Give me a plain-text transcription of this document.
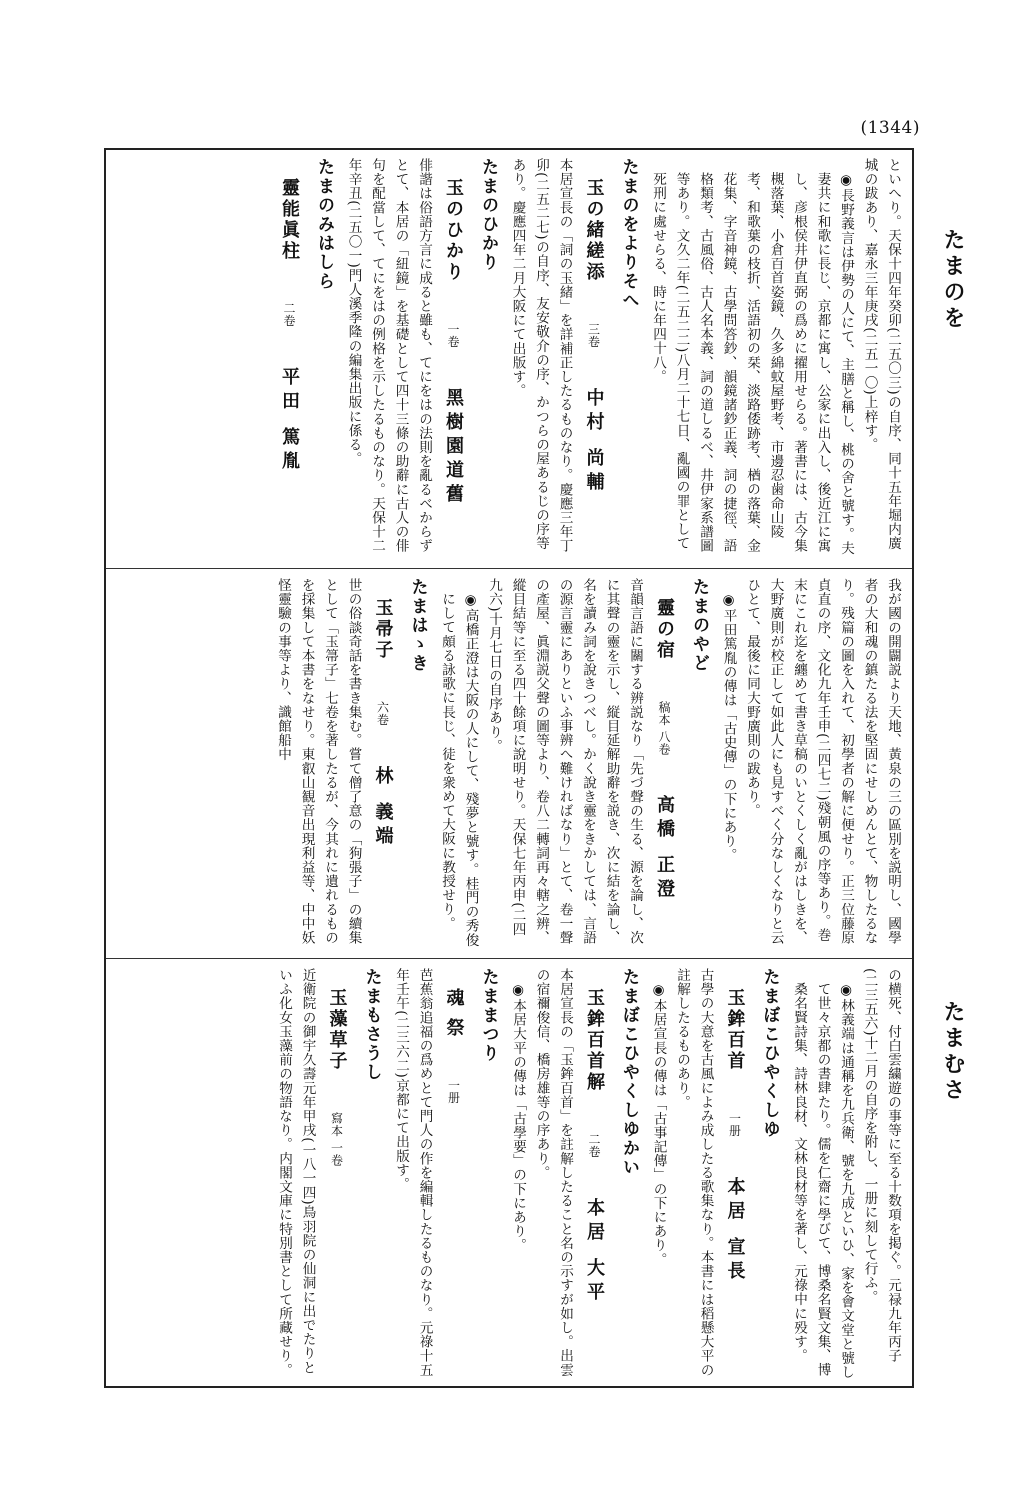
(1344)
たまのを
たまむさ
といへり。天保十四年癸卯(二五〇三)の自序、同十五年堀内廣城の跋あり、嘉永三年庚戌(二五一〇)上梓す。
◉長野義言は伊勢の人にて、主膳と稱し、桃の舍と號す。夫妻共に和歌に長じ、京都に寓し、公家に出入し、後近江に寓し、彦根侯井伊直弼の爲めに擢用せらる。著書には、古今集槻落葉、小倉百首姿鏡、久多綿蚊屋野考、市邊忍歯命山陵考、和歌葉の枝折、活語初の栞、淡路倭跡考、楢の落葉、金花集、字音神鏡、古學問答鈔、韻鏡諸鈔正義、詞の捷徑、語格類考、古風俗、古人名本義、詞の道しるべ、井伊家系譜圖等あり。文久二年(二五二二)八月二十七日、亂國の罪として死刑に處せらる、時に年四十八。
たまのをよりそへ
玉の緒縒添三卷中村 尚輔
本居宣長の「詞の玉緒」を詳補正したるものなり。慶應三年丁卯(二五二七)の自序、友安敬介の序、かつらの屋あるじの序等あり。慶應四年二月大阪にて出版す。
たまのひかり
玉のひかり一卷黑樹園道舊
俳諧は俗語方言に成ると雖も、てにをはの法則を亂るべからずとて、本居の「紐鏡」を基礎として四十三條の助辭に古人の俳句を配當して、てにをはの例格を示したるものなり。天保十二年辛丑(二五〇一)門人溪季隆の編集出版に係る。
たまのみはしら
靈能眞柱二卷平田 篤胤
我が國の開闢説より天地、黃泉の三の區別を説明し、國學者の大和魂の鎮たる法を堅固にせしめんとて、物したるなり。残篇の圖を入れて、初學者の解に便せり。正三位藤原貞直の序、文化九年壬申(二四七二)殘朝風の序等あり。巻末にこれ迄を纏めて書き草稿のいとくしく亂がはしきを、大野廣則が校正して如此人にも見すべく分なしくなりと云ひとて、最後に同大野廣則の跋あり。
◉平田篤胤の傳は「古史傳」の下にあり。
たまのやど
靈の宿稿本 八卷高橋 正澄
音韻言語に關する辨説なり「先づ聲の生る、源を論し、次に其聲の靈を示し、縦目延解助辭を説き、次に結を論し、名を讀み詞を說きつべし。かく說き靈をきかしては、言語の源言靈にありといふ事辨へ難ければなり」とて、卷一聲の產屋、眞淵説父聲の圖等より、卷八二轉詞再々轄之辨、縱目結等に至る四十餘項に說明せり。天保七年丙申(二四九六)十月七日の自序あり。
◉高橋正澄は大阪の人にして、殘夢と號す。桂門の秀俊にして頗る詠歌に長じ、徒を衆めて大阪に教授せり。
たまはゝき
玉帚子六卷林 義端
世の俗談奇話を書き集む。嘗て僧了意の「狗張子」の續集として「玉箒子」七卷を著したるが、今其れに遺れるものを採集して本書をなせり。東叡山観音出現利益等、中中妖怪靈驗の事等より、識館船中
の横死、付白雲繍遊の事等に至る十数項を掲ぐ。元禄九年丙子(二三五六)十二月の自序を附し、一册に刻して行ふ。
◉林義端は通稱を九兵衛、號を九成といひ、家を會文堂と號して世々京都の書肆たり。儒を仁齋に學びて、博桑名賢文集、博桑名賢詩集、詩林良材、文林良材等を著し、元祿中に殁す。
たまぼこひやくしゆ
玉鉾百首一册本居 宣長
古學の大意を古風によみ成したる歌集なり。本書には稻懸大平の註解したるものあり。
◉本居宣長の傳は「古事記傳」の下にあり。
たまぼこひやくしゆかい
玉鉾百首解二卷本居 大平
本居宣長の「玉鉾百首」を註解したること名の示すが如し。出雲の宿禰俊信、橋房雄等の序あり。
◉本居大平の傳は「古學要」の下にあり。
たままつり
魂 祭一册
芭蕉翁追福の爲めとて門人の作を編輯したるものなり。元祿十五年壬午(二三六二)京都にて出版す。
たまもさうし
玉藻草子寫本 一卷
近衛院の御宇久壽元年甲戌(一八一四)鳥羽院の仙洞に出でたりといふ化女玉藻前の物語なり。内閣文庫に特別書として所藏せり。
